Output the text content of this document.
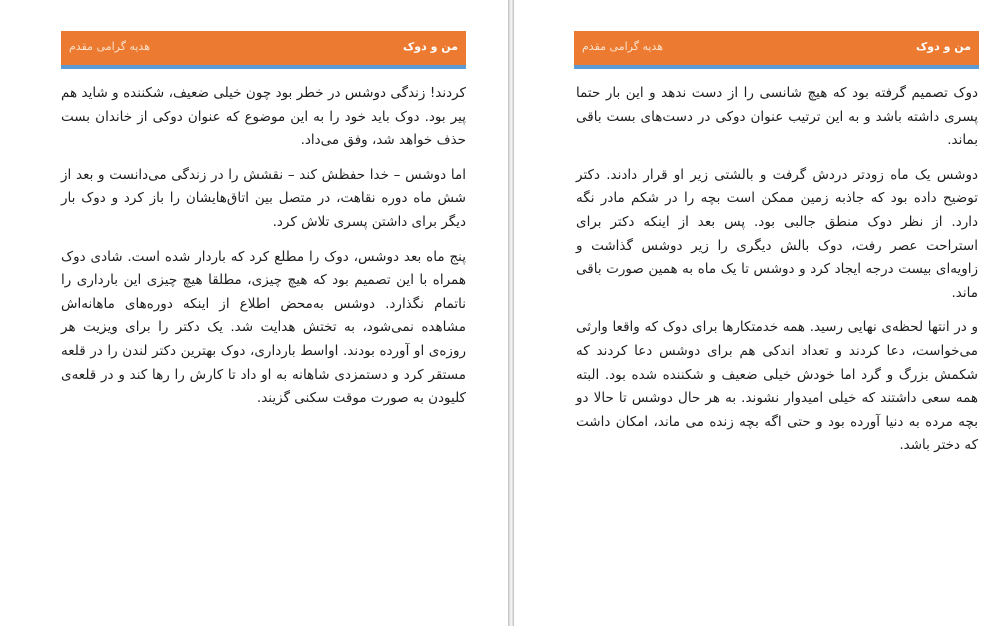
من و دوک
هدیه گرامی مقدم

کردند! زندگی دوشس در خطر بود چون خیلی ضعیف، شکننده و شاید هم پیر بود. دوک باید خود را به این موضوع که عنوان دوکی از خاندان بست حذف خواهد شد، وفق می‌داد.

اما دوشس – خدا حفظش کند – نقشش را در زندگی می‌دانست و بعد از شش ماه دوره نقاهت، در متصل بین اتاق‌هایشان را باز کرد و دوک بار دیگر برای داشتن پسری تلاش کرد.

پنج ماه بعد دوشس، دوک را مطلع کرد که باردار شده است. شادی دوک همراه با این تصمیم بود که هیچ چیزی، مطلقا هیچ چیزی این بارداری را ناتمام نگذارد. دوشس به‌محض اطلاع از اینکه دوره‌های ماهانه‌اش مشاهده نمی‌شود، به تختش هدایت شد. یک دکتر را برای ویزیت هر روزه‌ی او آورده بودند. اواسط بارداری، دوک بهترین دکتر لندن را در قلعه مستقر کرد و دستمزدی شاهانه به او داد تا کارش را رها کند و در قلعه‌ی کلیودن به صورت موقت سکنی گزیند.

من و دوک
هدیه گرامی مقدم

دوک تصمیم گرفته بود که هیچ شانسی را از دست ندهد و این بار حتما پسری داشته باشد و به این ترتیب عنوان دوکی در دست‌های بست باقی بماند.

دوشس یک ماه زودتر دردش گرفت و بالشتی زیر او قرار دادند. دکتر توضیح داده بود که جاذبه زمین ممکن است بچه را در شکم مادر نگه دارد. از نظر دوک منطق جالبی بود. پس بعد از اینکه دکتر برای استراحت عصر رفت، دوک بالش دیگری را زیر دوشس گذاشت و زاویه‌ای بیست درجه ایجاد کرد و دوشس تا یک ماه به همین صورت باقی ماند.

و در انتها لحظه‌ی نهایی رسید. همه خدمتکارها برای دوک که واقعا وارثی می‌خواست، دعا کردند و تعداد اندکی هم برای دوشس دعا کردند که شکمش بزرگ و گرد اما خودش خیلی ضعیف و شکننده شده بود. البته همه سعی داشتند که خیلی امیدوار نشوند. به هر حال دوشس تا حالا دو بچه مرده به دنیا آورده بود و حتی اگه بچه زنده می ماند، امکان داشت که دختر باشد.
